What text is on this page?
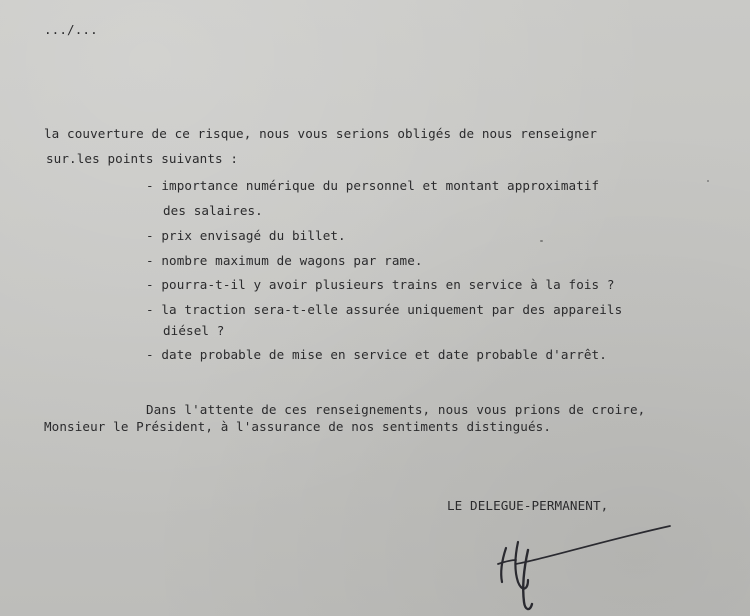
.../...
la couverture de ce risque, nous vous serions obligés de nous renseigner
sur.les points suivants :
- importance numérique du personnel et montant approximatif
des salaires.
- prix envisagé du billet.
- nombre maximum de wagons par rame.
- pourra-t-il y avoir plusieurs trains en service à la fois ?
- la traction sera-t-elle assurée uniquement par des appareils
diésel ?
- date probable de mise en service et date probable d'arrêt.
Dans l'attente de ces renseignements, nous vous prions de croire,
Monsieur le Président, à l'assurance de nos sentiments distingués.
LE DELEGUE-PERMANENT,
